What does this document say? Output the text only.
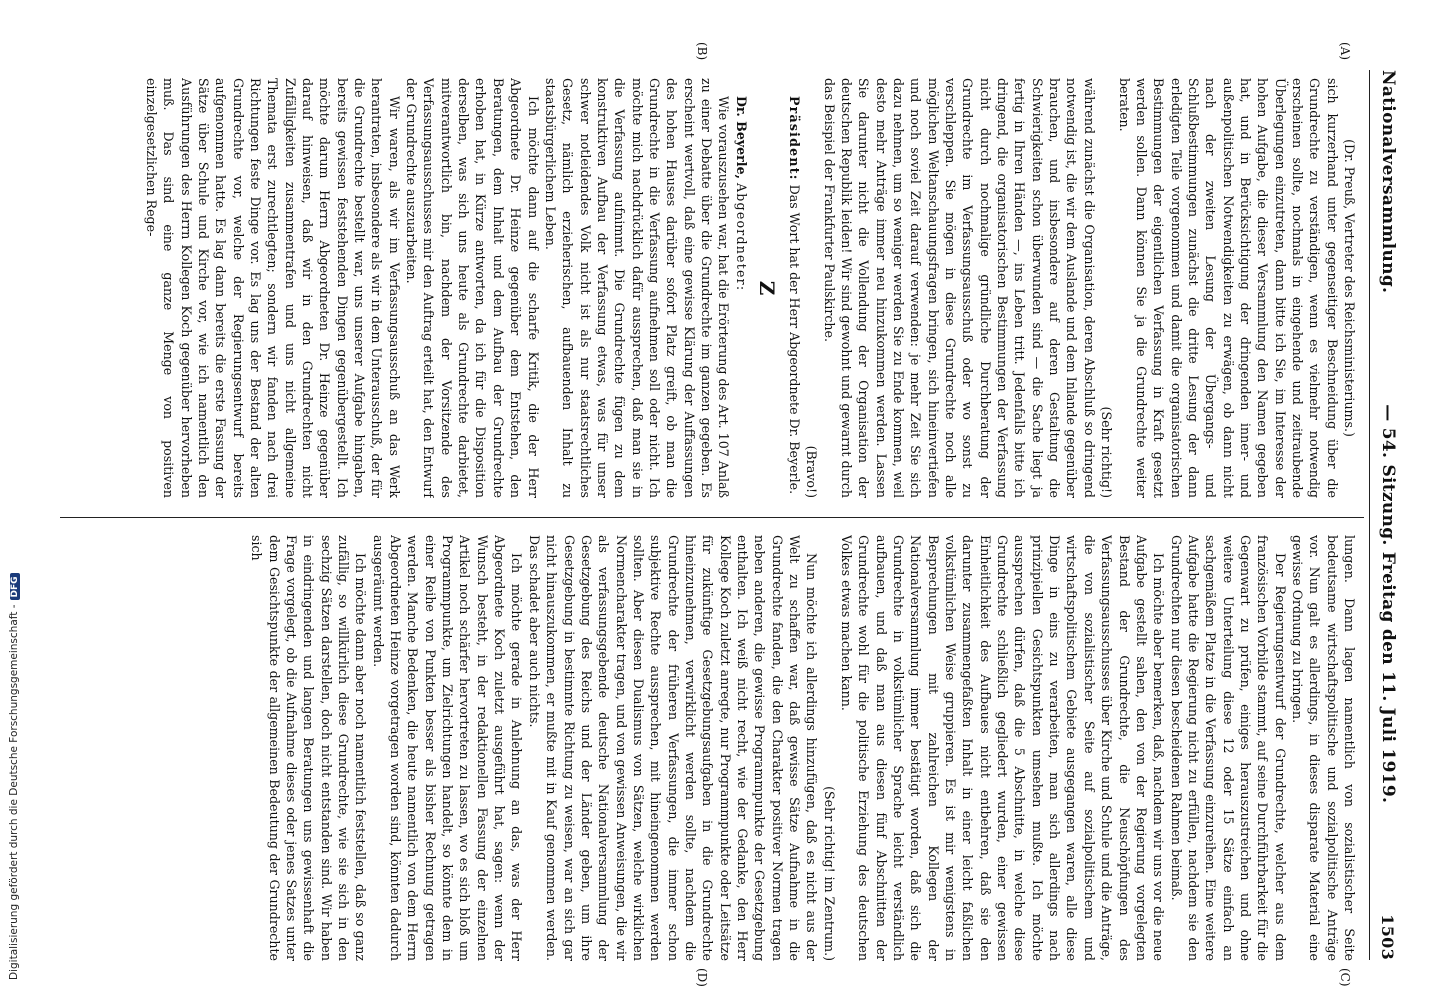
Nationalversammlung.
— 54. Sitzung. Freitag den 11. Juli 1919.
1503
(A)
(B)
(C)
(D)

(Dr. Preuß, Vertreter des Reichsministeriums.)

sich kurzerhand unter gegenseitiger Beschneidung über die Grundrechte zu verständigen, wenn es vielmehr notwendig erscheinen sollte, nochmals in eingehende und zeitraubende Überlegungen einzutreten, dann bitte ich Sie, im Interesse der hohen Aufgabe, die dieser Versammlung den Namen gegeben hat, und in Berücksichtigung der dringenden inner- und außenpolitischen Notwendigkeiten zu erwägen, ob dann nicht nach der zweiten Lesung der Übergangs- und Schlußbestimmungen zunächst die dritte Lesung der dann erledigten Teile vorgenommen und damit die organisatorischen Bestimmungen der eigentlichen Verfassung in Kraft gesetzt werden sollen. Dann können Sie ja die Grundrechte weiter beraten.

(Sehr richtig!)

während zunächst die Organisation, deren Abschluß so dringend notwendig ist, die wir dem Auslande und dem Inlande gegenüber brauchen, und insbesondere auf deren Gestaltung die Schwierigkeiten schon überwunden sind — die Sache liegt ja fertig in Ihren Händen —, ins Leben tritt. Jedenfalls bitte ich dringend, die organisatorischen Bestimmungen der Verfassung nicht durch nochmalige gründliche Durchberatung der Grundrechte im Verfassungsausschuß oder wo sonst zu verschleppen. Sie mögen in diese Grundrechte noch alle möglichen Weltanschauungsfragen bringen, sich hineinvertiefen und noch soviel Zeit darauf verwenden: je mehr Zeit Sie sich dazu nehmen, um so weniger werden Sie zu Ende kommen, weil desto mehr Anträge immer neu hinzukommen werden. Lassen Sie darunter nicht die Vollendung der Organisation der deutschen Republik leiden! Wir sind gewohnt und gewarnt durch das Beispiel der Frankfurter Paulskirche.

(Bravo!)

Präsident: Das Wort hat der Herr Abgeordnete Dr. Beyerle.

Z

Dr. Beyerle, Abgeordneter:

Wie vorauszusehen war, hat die Erörterung des Art. 107 Anlaß zu einer Debatte über die Grundrechte im ganzen gegeben. Es erscheint wertvoll, daß eine gewisse Klärung der Auffassungen des hohen Hauses darüber sofort Platz greift, ob man die Grundrechte in die Verfassung aufnehmen soll oder nicht. Ich möchte mich nachdrücklich dafür aussprechen, daß man sie in die Verfassung aufnimmt. Die Grundrechte fügen zu dem konstruktiven Aufbau der Verfassung etwas, was für unser schwer notleidendes Volk nicht ist als nur staatsrechtliches Gesetz, nämlich erzieherischen, aufbauenden Inhalt zu staatsbürgerlichem Leben.

Ich möchte dann auf die scharfe Kritik, die der Herr Abgeordnete Dr. Heinze gegenüber dem Entstehen, den Beratungen, dem Inhalt und dem Aufbau der Grundrechte erhoben hat, in Kürze antworten, da ich für die Disposition derselben, was sich uns heute als Grundrechte darbietet, mitverantwortlich bin, nachdem der Vorsitzende des Verfassungsausschusses mir den Auftrag erteilt hat, den Entwurf der Grundrechte auszuarbeiten.

Wir waren, als wir im Verfassungsausschuß an das Werk herantraten, insbesondere als wir in dem Unterausschuß, der für die Grundrechte bestellt war, uns unserer Aufgabe hingaben, bereits gewissen feststehenden Dingen gegenübergestellt. Ich möchte darum Herrn Abgeordneten Dr. Heinze gegenüber darauf hinweisen, daß wir in den Grundrechten nicht Zufälligkeiten zusammentrafen und uns nicht allgemeine Themata erst zurechtlegten; sondern wir fanden nach drei Richtungen feste Dinge vor. Es lag uns der Bestand der alten Grundrechte vor, welche der Regierungsentwurf bereits aufgenommen hatte. Es lag dann bereits die erste Fassung der Sätze über Schule und Kirche vor, wie ich namentlich den Ausführungen des Herrn Kollegen Koch gegenüber hervorheben muß. Das sind eine ganze Menge von positiven einzelgesetzlichen Rege-

lungen. Dann lagen namentlich von sozialistischer Seite bedeutsame wirtschaftspolitische und sozialpolitische Anträge vor. Nun galt es allerdings, in dieses disparate Material eine gewisse Ordnung zu bringen.

Der Regierungsentwurf der Grundrechte, welcher aus dem französischen Vorbilde stammt, auf seine Durchführbarkeit für die Gegenwart zu prüfen, einiges herauszustreichen und ohne weitere Unterteilung diese 12 oder 15 Sätze einfach an sachgemäßem Platze in die Verfassung einzureihen. Eine weitere Aufgabe hatte die Regierung nicht zu erfüllen, nachdem sie den Grundrechten nur diesen bescheidenen Rahmen beimaß.

Ich möchte aber bemerken, daß, nachdem wir uns vor die neue Aufgabe gestellt sahen, den von der Regierung vorgelegten Bestand der Grundrechte, die Neuschöpfungen des Verfassungsausschusses über Kirche und Schule und die Anträge, die von sozialistischer Seite auf sozialpolitischem und wirtschaftspolitischem Gebiete ausgegangen waren, alle diese Dinge in eins zu verarbeiten, man sich allerdings nach prinzipiellen Gesichtspunkten umsehen mußte. Ich möchte aussprechen dürfen, daß die 5 Abschnitte, in welche diese Grundrechte schließlich gegliedert wurden, einer gewissen Einheitlichkeit des Aufbaues nicht entbehren, daß sie den darunter zusammengefaßten Inhalt in einer leicht faßlichen volkstümlichen Weise gruppieren. Es ist mir wenigstens in Besprechungen mit zahlreichen Kollegen der Nationalversammlung immer bestätigt worden, daß sich die Grundrechte in volkstümlicher Sprache leicht verständlich aufbauen, und daß man aus diesen fünf Abschnitten der Grundrechte wohl für die politische Erziehung des deutschen Volkes etwas machen kann.

(Sehr richtig! im Zentrum.)

Nun möchte ich allerdings hinzufügen, daß es nicht aus der Welt zu schaffen war, daß gewisse Sätze Aufnahme in die Grundrechte fanden, die den Charakter positiver Normen tragen neben anderen, die gewisse Programmpunkte der Gesetzgebung enthalten. Ich weiß nicht recht, wie der Gedanke, den Herr Kollege Koch zuletzt anregte, nur Programmpunkte oder Leitsätze für zukünftige Gesetzgebungsaufgaben in die Grundrechte hineinzunehmen, verwirklicht werden sollte, nachdem die Grundrechte der früheren Verfassungen, die immer schon subjektive Rechte aussprechen, mit hineingenommen werden sollten. Aber diesen Dualismus von Sätzen, welche wirklichen Normencharakter tragen, und von gewissen Anweisungen, die wir als verfassungsgebende deutsche Nationalversammlung der Gesetzgebung des Reichs und der Länder geben, um ihre Gesetzgebung in bestimmte Richtung zu weisen, war an sich gar nicht hinauszukommen, er mußte mit in Kauf genommen werden. Das schadet aber auch nichts.

Ich möchte gerade in Anlehnung an das, was der Herr Abgeordnete Koch zuletzt ausgeführt hat, sagen: wenn der Wunsch besteht, in der redaktionellen Fassung der einzelnen Artikel noch schärfer hervortreten zu lassen, wo es sich bloß um Programmpunkte, um Zielrichtungen handelt, so könnte dem in einer Reihe von Punkten besser als bisher Rechnung getragen werden. Manche Bedenken, die heute namentlich von dem Herrn Abgeordneten Heinze vorgetragen worden sind, könnten dadurch ausgeräumt werden.

Ich möchte dann aber noch namentlich feststellen, daß so ganz zufällig, so willkürlich diese Grundrechte, wie sie sich in den sechzig Sätzen darstellen, doch nicht entstanden sind. Wir haben in eindringenden und langen Beratungen uns gewissenhaft die Frage vorgelegt, ob die Aufnahme dieses oder jenes Satzes unter dem Gesichtspunkte der allgemeinen Bedeutung der Grundrechte sich

Digitalisierung gefördert durch die Deutsche Forschungsgemeinschaft -DFG
